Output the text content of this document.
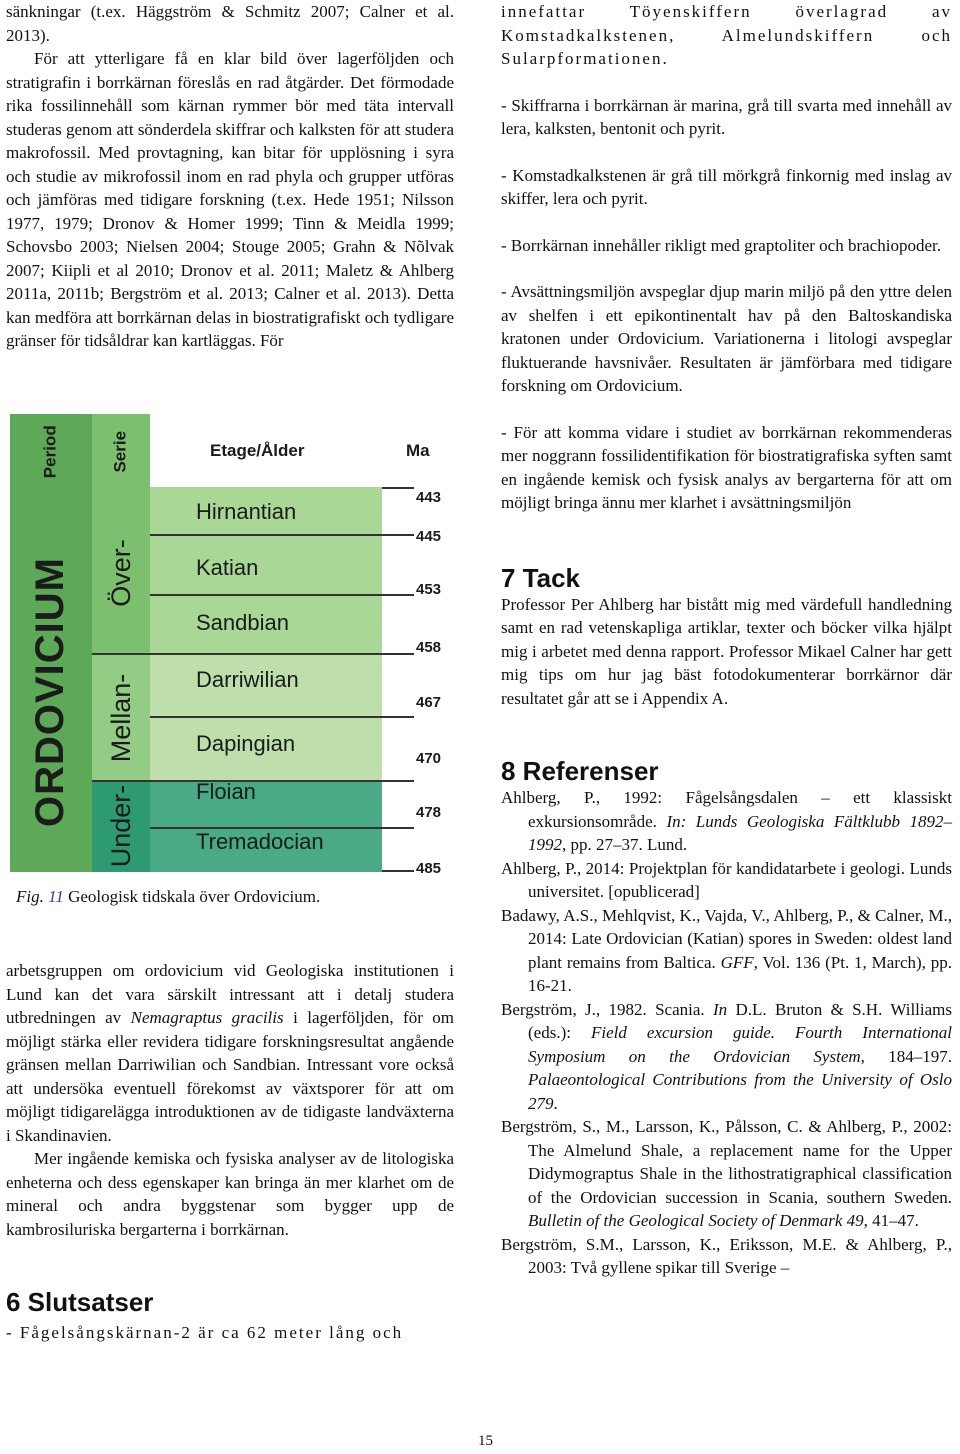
sänkningar (t.ex. Häggström & Schmitz 2007; Calner et al. 2013).

För att ytterligare få en klar bild över lagerföljden och stratigrafin i borrkärnan föreslås en rad åtgärder. Det förmodade rika fossilinnehåll som kärnan rymmer bör med täta intervall studeras genom att sönderdela skiffrar och kalksten för att studera makrofossil. Med provtagning, kan bitar för upplösning i syra och studie av mikrofossil inom en rad phyla och grupper utföras och jämföras med tidigare forskning (t.ex. Hede 1951; Nilsson 1977, 1979; Dronov & Homer 1999; Tinn & Meidla 1999; Schovsbo 2003; Nielsen 2004; Stouge 2005; Grahn & Nõlvak 2007; Kiipli et al 2010; Dronov et al. 2011; Maletz & Ahlberg 2011a, 2011b; Bergström et al. 2013; Calner et al. 2013). Detta kan medföra att borrkärnan delas in biostratigrafiskt och tydligare gränser för tidsåldrar kan kartläggas. För

Period	Serie
ORDOVICIUM Över-
Mellan-
Under-
Etage/Ålder	Ma
Hirnantian
Katian
Sandbian
Darriwilian
Dapingian
Floian
Tremadocian
443
445
453
458
467
470
478
485

Fig. 11 Geologisk tidskala över Ordovicium.

arbetsgruppen om ordovicium vid Geologiska institutionen i Lund kan det vara särskilt intressant att i detalj studera utbredningen av Nemagraptus gracilis i lagerföljden, för om möjligt stärka eller revidera tidigare forskningsresultat angående gränsen mellan Darriwilian och Sandbian. Intressant vore också att undersöka eventuell förekomst av växtsporer för att om möjligt tidigarelägga introduktionen av de tidigaste landväxterna i Skandinavien.

Mer ingående kemiska och fysiska analyser av de litologiska enheterna och dess egenskaper kan bringa än mer klarhet om de mineral och andra byggstenar som bygger upp de kambrosiluriska bergarterna i borrkärnan.

6 Slutsatser

- Fågelsångskärnan-2 är ca 62 meter lång och

innefattar Töyenskiffern överlagrad av Komstadkalkstenen, Almelundskiffern och Sularpformationen.

- Skiffrarna i borrkärnan är marina, grå till svarta med innehåll av lera, kalksten, bentonit och pyrit.

- Komstadkalkstenen är grå till mörkgrå finkornig med inslag av skiffer, lera och pyrit.

- Borrkärnan innehåller rikligt med graptoliter och brachiopoder.

- Avsättningsmiljön avspeglar djup marin miljö på den yttre delen av shelfen i ett epikontinentalt hav på den Baltoskandiska kratonen under Ordovicium. Variationerna i litologi avspeglar fluktuerande havsnivåer. Resultaten är jämförbara med tidigare forskning om Ordovicium.

- För att komma vidare i studiet av borrkärnan rekommenderas mer noggrann fossilidentifikation för biostratigrafiska syften samt en ingående kemisk och fysisk analys av bergarterna för att om möjligt bringa ännu mer klarhet i avsättningsmiljön

7 Tack

Professor Per Ahlberg har bistått mig med värdefull handledning samt en rad vetenskapliga artiklar, texter och böcker vilka hjälpt mig i arbetet med denna rapport. Professor Mikael Calner har gett mig tips om hur jag bäst fotodokumenterar borrkärnor där resultatet går att se i Appendix A.

8 Referenser

Ahlberg, P., 1992: Fågelsångsdalen – ett klassiskt exkursionsområde. In: Lunds Geologiska Fältklubb 1892–1992, pp. 27–37. Lund.

Ahlberg, P., 2014: Projektplan för kandidatarbete i geologi. Lunds universitet. [opublicerad]

Badawy, A.S., Mehlqvist, K., Vajda, V., Ahlberg, P., & Calner, M., 2014: Late Ordovician (Katian) spores in Sweden: oldest land plant remains from Baltica. GFF, Vol. 136 (Pt. 1, March), pp. 16-21.

Bergström, J., 1982. Scania. In D.L. Bruton & S.H. Williams (eds.): Field excursion guide. Fourth International Symposium on the Ordovician System, 184–197. Palaeontological Contributions from the University of Oslo 279.

Bergström, S., M., Larsson, K., Pålsson, C. & Ahlberg, P., 2002: The Almelund Shale, a replacement name for the Upper Didymograptus Shale in the lithostratigraphical classification of the Ordovician succession in Scania, southern Sweden. Bulletin of the Geological Society of Denmark 49, 41–47.

Bergström, S.M., Larsson, K., Eriksson, M.E. & Ahlberg, P., 2003: Två gyllene spikar till Sverige –

15
